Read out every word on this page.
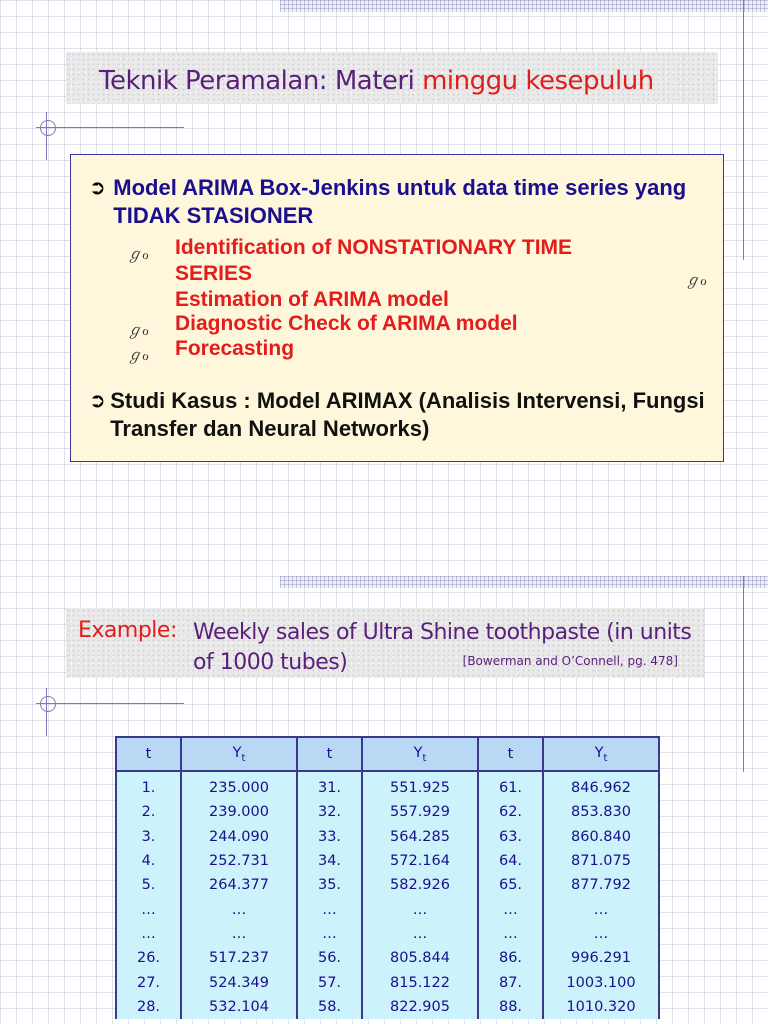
Teknik Peramalan: Materi minggu kesepuluh
➲ Model ARIMA Box-Jenkins untuk data time series yang TIDAK STASIONER
ℊℴ Identification of NONSTATIONARY TIME
SERIES	ℊℴ
Estimation of ARIMA model
ℊℴ Diagnostic Check of ARIMA model
ℊℴ Forecasting
➲ Studi Kasus : Model ARIMAX (Analisis Intervensi, Fungsi Transfer dan Neural Networks)
Example: Weekly sales of Ultra Shine toothpaste (in units
of 1000 tubes)	[Bowerman and O’Connell, pg. 478]
t	$Y_t$	t	$Y_t$	t	$Y_t$
1.	235.000	31.	551.925	61.	846.962
2.	239.000	32.	557.929	62.	853.830
3.	244.090	33.	564.285	63.	860.840
4.	252.731	34.	572.164	64.	871.075
5.	264.377	35.	582.926	65.	877.792
…	…	…	…	…	…
…	…	…	…	…	…
26.	517.237	56.	805.844	86.	996.291
27.	524.349	57.	815.122	87.	1003.100
28.	532.104	58.	822.905	88.	1010.320
